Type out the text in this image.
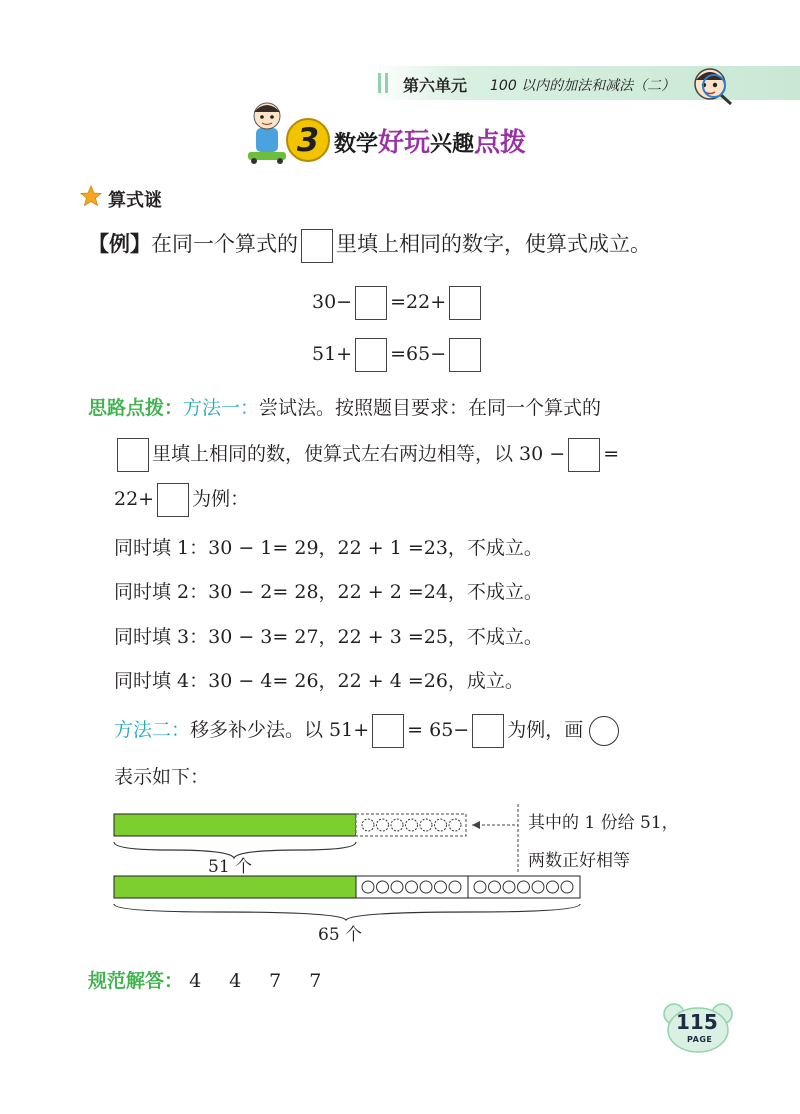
第六单元 100 以内的加法和减法（二）
3 数学好玩兴趣点拨
算式谜
【例】在同一个算式的 里填上相同的数字，使算式成立。
30− =22+
51+ =65−
思路点拨：方法一：尝试法。按照题目要求：在同一个算式的
里填上相同的数，使算式左右两边相等，以 30 − =
22+ 为例：
同时填 1：30 − 1= 29，22 + 1 =23，不成立。
同时填 2：30 − 2= 28，22 + 2 =24，不成立。
同时填 3：30 − 3= 27，22 + 3 =25，不成立。
同时填 4：30 − 4= 26，22 + 4 =26，成立。
方法二：移多补少法。以 51+ = 65− 为例，画
表示如下：
51 个
65 个
其中的 1 份给 51，
两数正好相等
规范解答： 4 4 7 7
115
PAGE
